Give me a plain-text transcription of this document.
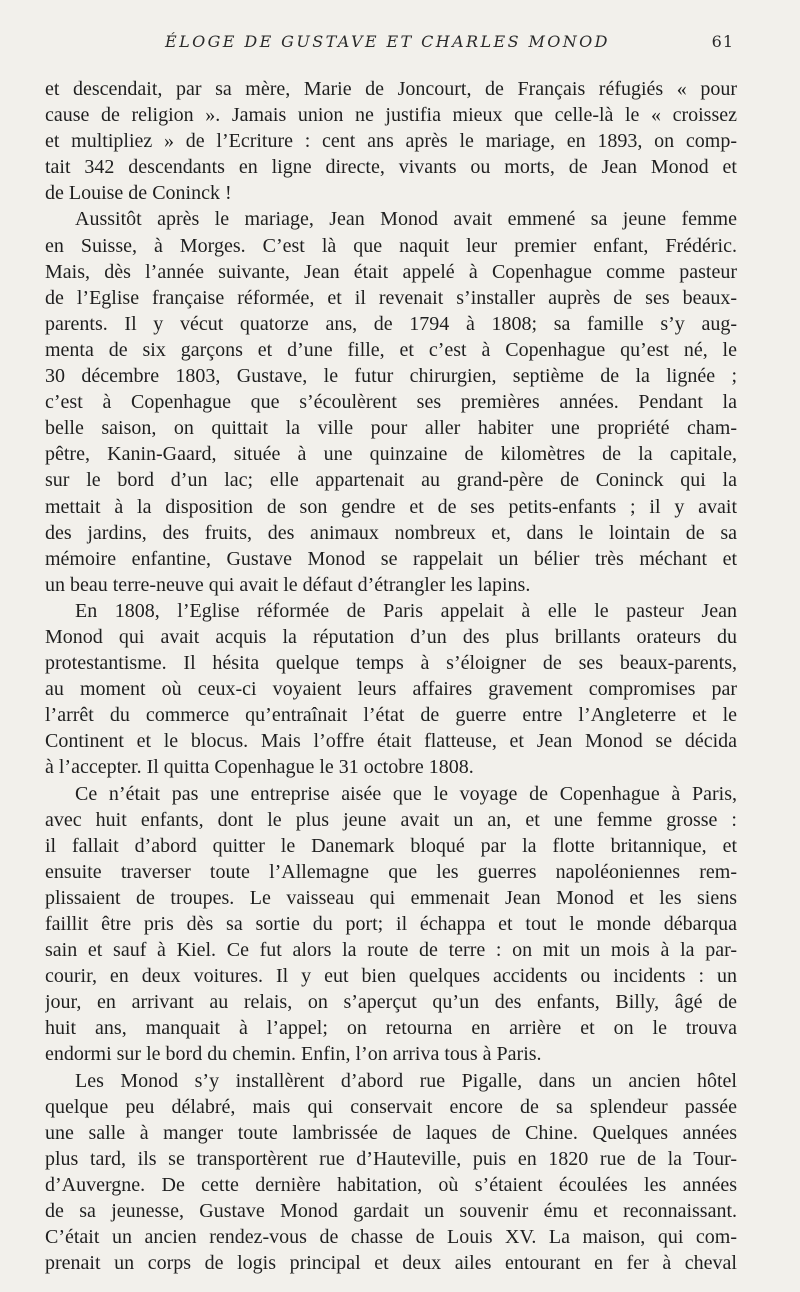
ÉLOGE DE GUSTAVE ET CHARLES MONOD	61
et descendait, par sa mère, Marie de Joncourt, de Français réfugiés « pour
cause de religion ». Jamais union ne justifia mieux que celle-là le « croissez
et multipliez » de l’Ecriture : cent ans après le mariage, en 1893, on comp-
tait 342 descendants en ligne directe, vivants ou morts, de Jean Monod et
de Louise de Coninck !
Aussitôt après le mariage, Jean Monod avait emmené sa jeune femme
en Suisse, à Morges. C’est là que naquit leur premier enfant, Frédéric.
Mais, dès l’année suivante, Jean était appelé à Copenhague comme pasteur
de l’Eglise française réformée, et il revenait s’installer auprès de ses beaux-
parents. Il y vécut quatorze ans, de 1794 à 1808; sa famille s’y aug-
menta de six garçons et d’une fille, et c’est à Copenhague qu’est né, le
30 décembre 1803, Gustave, le futur chirurgien, septième de la lignée ;
c’est à Copenhague que s’écoulèrent ses premières années. Pendant la
belle saison, on quittait la ville pour aller habiter une propriété cham-
pêtre, Kanin-Gaard, située à une quinzaine de kilomètres de la capitale,
sur le bord d’un lac; elle appartenait au grand-père de Coninck qui la
mettait à la disposition de son gendre et de ses petits-enfants ; il y avait
des jardins, des fruits, des animaux nombreux et, dans le lointain de sa
mémoire enfantine, Gustave Monod se rappelait un bélier très méchant et
un beau terre-neuve qui avait le défaut d’étrangler les lapins.
En 1808, l’Eglise réformée de Paris appelait à elle le pasteur Jean
Monod qui avait acquis la réputation d’un des plus brillants orateurs du
protestantisme. Il hésita quelque temps à s’éloigner de ses beaux-parents,
au moment où ceux-ci voyaient leurs affaires gravement compromises par
l’arrêt du commerce qu’entraînait l’état de guerre entre l’Angleterre et le
Continent et le blocus. Mais l’offre était flatteuse, et Jean Monod se décida
à l’accepter. Il quitta Copenhague le 31 octobre 1808.
Ce n’était pas une entreprise aisée que le voyage de Copenhague à Paris,
avec huit enfants, dont le plus jeune avait un an, et une femme grosse :
il fallait d’abord quitter le Danemark bloqué par la flotte britannique, et
ensuite traverser toute l’Allemagne que les guerres napoléoniennes rem-
plissaient de troupes. Le vaisseau qui emmenait Jean Monod et les siens
faillit être pris dès sa sortie du port; il échappa et tout le monde débarqua
sain et sauf à Kiel. Ce fut alors la route de terre : on mit un mois à la par-
courir, en deux voitures. Il y eut bien quelques accidents ou incidents : un
jour, en arrivant au relais, on s’aperçut qu’un des enfants, Billy, âgé de
huit ans, manquait à l’appel; on retourna en arrière et on le trouva
endormi sur le bord du chemin. Enfin, l’on arriva tous à Paris.
Les Monod s’y installèrent d’abord rue Pigalle, dans un ancien hôtel
quelque peu délabré, mais qui conservait encore de sa splendeur passée
une salle à manger toute lambrissée de laques de Chine. Quelques années
plus tard, ils se transportèrent rue d’Hauteville, puis en 1820 rue de la Tour-
d’Auvergne. De cette dernière habitation, où s’étaient écoulées les années
de sa jeunesse, Gustave Monod gardait un souvenir ému et reconnaissant.
C’était un ancien rendez-vous de chasse de Louis XV. La maison, qui com-
prenait un corps de logis principal et deux ailes entourant en fer à cheval
